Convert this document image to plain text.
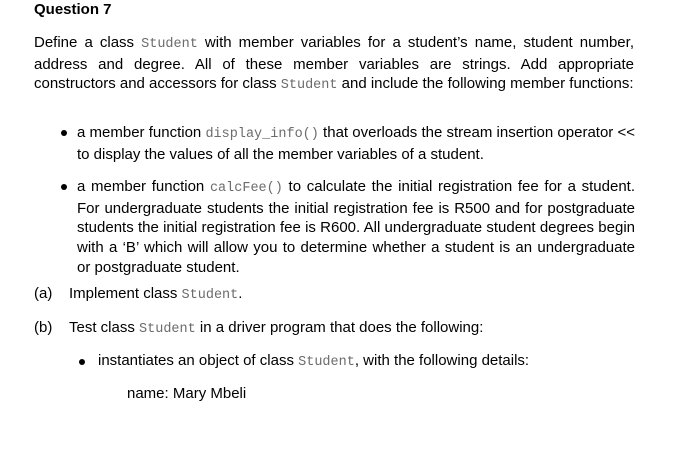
Question 7
Define a class Student with member variables for a student’s name, student number, address and degree. All of these member variables are strings. Add appropriate constructors and accessors for class Student and include the following member functions:
a member function display_info() that overloads the stream insertion operator << to display the values of all the member variables of a student.
a member function calcFee() to calculate the initial registration fee for a student. For undergraduate students the initial registration fee is R500 and for postgraduate students the initial registration fee is R600. All undergraduate student degrees begin with a ‘B’ which will allow you to determine whether a student is an undergraduate or postgraduate student.
(a) Implement class Student.
(b) Test class Student in a driver program that does the following:
instantiates an object of class Student, with the following details:
name: Mary Mbeli
